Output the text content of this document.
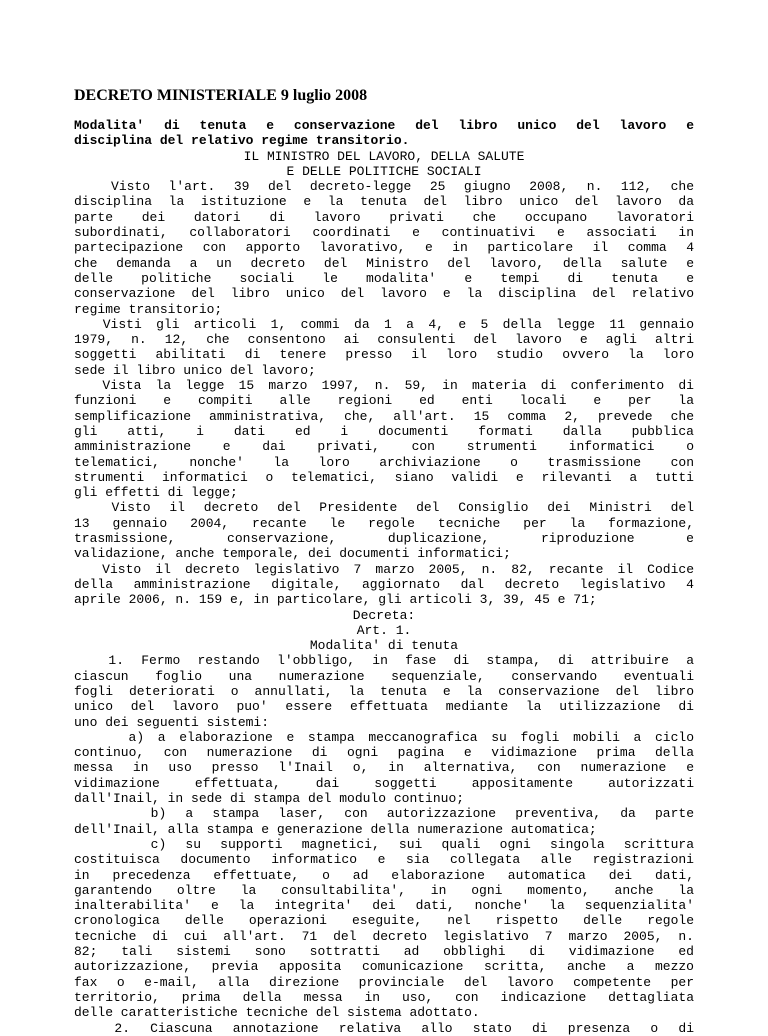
DECRETO MINISTERIALE 9 luglio 2008
Modalita' di tenuta e conservazione del libro unico del lavoro e
disciplina del relativo regime transitorio.
IL MINISTRO DEL LAVORO, DELLA SALUTE
E DELLE POLITICHE SOCIALI
Visto l'art. 39 del decreto-legge 25 giugno 2008, n. 112, che
disciplina la istituzione e la tenuta del libro unico del lavoro da
parte dei datori di lavoro privati che occupano lavoratori
subordinati, collaboratori coordinati e continuativi e associati in
partecipazione con apporto lavorativo, e in particolare il comma 4
che demanda a un decreto del Ministro del lavoro, della salute e
delle politiche sociali le modalita' e tempi di tenuta e
conservazione del libro unico del lavoro e la disciplina del relativo
regime transitorio;
Visti gli articoli 1, commi da 1 a 4, e 5 della legge 11 gennaio
1979, n. 12, che consentono ai consulenti del lavoro e agli altri
soggetti abilitati di tenere presso il loro studio ovvero la loro
sede il libro unico del lavoro;
Vista la legge 15 marzo 1997, n. 59, in materia di conferimento di
funzioni e compiti alle regioni ed enti locali e per la
semplificazione amministrativa, che, all'art. 15 comma 2, prevede che
gli atti, i dati ed i documenti formati dalla pubblica
amministrazione e dai privati, con strumenti informatici o
telematici, nonche' la loro archiviazione o trasmissione con
strumenti informatici o telematici, siano validi e rilevanti a tutti
gli effetti di legge;
Visto il decreto del Presidente del Consiglio dei Ministri del
13 gennaio 2004, recante le regole tecniche per la formazione,
trasmissione, conservazione, duplicazione, riproduzione e
validazione, anche temporale, dei documenti informatici;
Visto il decreto legislativo 7 marzo 2005, n. 82, recante il Codice
della amministrazione digitale, aggiornato dal decreto legislativo 4
aprile 2006, n. 159 e, in particolare, gli articoli 3, 39, 45 e 71;
Decreta:
Art. 1.
Modalita' di tenuta
1. Fermo restando l'obbligo, in fase di stampa, di attribuire a
ciascun foglio una numerazione sequenziale, conservando eventuali
fogli deteriorati o annullati, la tenuta e la conservazione del libro
unico del lavoro puo' essere effettuata mediante la utilizzazione di
uno dei seguenti sistemi:
a) a elaborazione e stampa meccanografica su fogli mobili a ciclo
continuo, con numerazione di ogni pagina e vidimazione prima della
messa in uso presso l'Inail o, in alternativa, con numerazione e
vidimazione effettuata, dai soggetti appositamente autorizzati
dall'Inail, in sede di stampa del modulo continuo;
b) a stampa laser, con autorizzazione preventiva, da parte
dell'Inail, alla stampa e generazione della numerazione automatica;
c) su supporti magnetici, sui quali ogni singola scrittura
costituisca documento informatico e sia collegata alle registrazioni
in precedenza effettuate, o ad elaborazione automatica dei dati,
garantendo oltre la consultabilita', in ogni momento, anche la
inalterabilita' e la integrita' dei dati, nonche' la sequenzialita'
cronologica delle operazioni eseguite, nel rispetto delle regole
tecniche di cui all'art. 71 del decreto legislativo 7 marzo 2005, n.
82; tali sistemi sono sottratti ad obblighi di vidimazione ed
autorizzazione, previa apposita comunicazione scritta, anche a mezzo
fax o e-mail, alla direzione provinciale del lavoro competente per
territorio, prima della messa in uso, con indicazione dettagliata
delle caratteristiche tecniche del sistema adottato.
2. Ciascuna annotazione relativa allo stato di presenza o di
